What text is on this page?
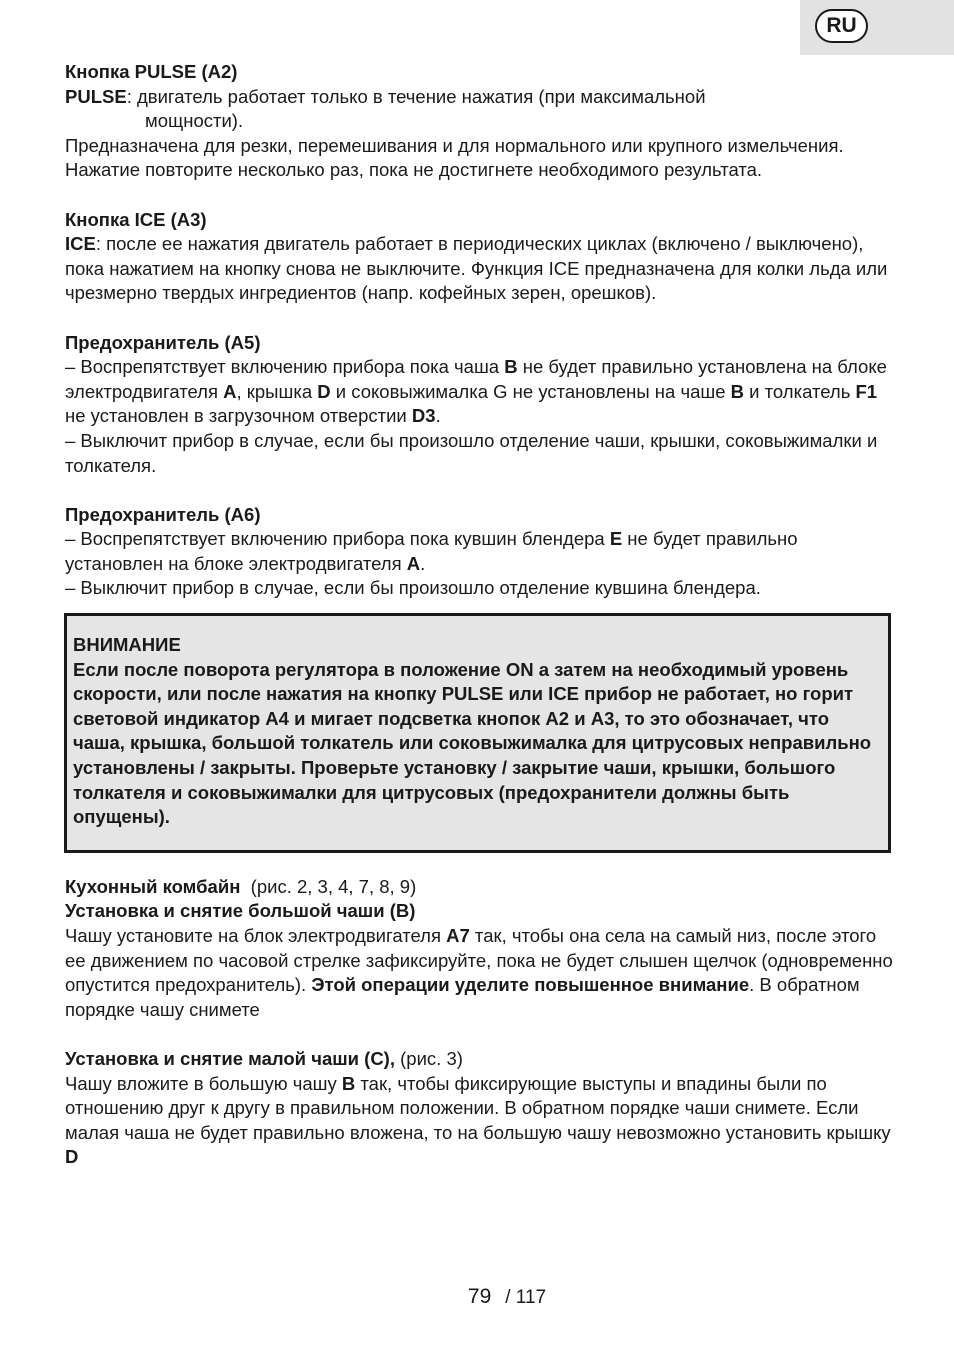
RU

Кнопка PULSE (A2)

PULSE: двигатель работает только в течение нажатия (при максимальной

мощности).

Предназначена для резки, перемешивания и для нормального или крупного измельчения. Нажатие повторите несколько раз, пока не достигнете необходимого результата.

Кнопка ICE (A3)

ICE: после ее нажатия двигатель работает в периодических циклах (включено / выключено), пока нажатием на кнопку снова не выключите. Функция ICE предназначена для колки льда или чрезмерно твердых ингредиентов (напр. кофейных зерен, орешков).

Предохранитель (A5)

– Воспрепятствует включению прибора пока чаша B не будет правильно установлена на блоке электродвигателя A, крышка D и соковыжималка G не установлены на чаше B и толкатель F1 не установлен в загрузочном отверстии D3.

– Выключит прибор в случае, если бы произошло отделение чаши, крышки, соковыжималки и толкателя.

Предохранитель (A6)

– Воспрепятствует включению прибора пока кувшин блендера E не будет правильно установлен на блоке электродвигателя A.

– Выключит прибор в случае, если бы произошло отделение кувшина блендера.

ВНИМАНИЕ

Если после поворота регулятора в положение ON а затем на необходимый уровень скорости, или после нажатия на кнопку PULSE или ICE прибор не работает, но горит световой индикатор A4 и мигает подсветка кнопок A2 и A3, то это обозначает, что чаша, крышка, большой толкатель или соковыжималка для цитрусовых неправильно установлены / закрыты. Проверьте установку / закрытие чаши, крышки, большого толкателя и соковыжималки для цитрусовых (предохранители должны быть опущены).

Кухонный комбайн  (рис. 2, 3, 4, 7, 8, 9)

Установка и снятие большой чаши (B)

Чашу установите на блок электродвигателя A7 так, чтобы она села на самый низ, после этого ее движением по часовой стрелке зафиксируйте, пока не будет слышен щелчок (одновременно опустится предохранитель). Этой операции уделите повышенное внимание. В обратном порядке чашу снимете

Установка и снятие малой чаши (C), (рис. 3)

Чашу вложите в большую чашу B так, чтобы фиксирующие выступы и впадины были по отношению друг к другу в правильном положении. В обратном порядке чаши снимете. Если малая чаша не будет правильно вложена, то на большую чашу невозможно установить крышку D

79 / 117
